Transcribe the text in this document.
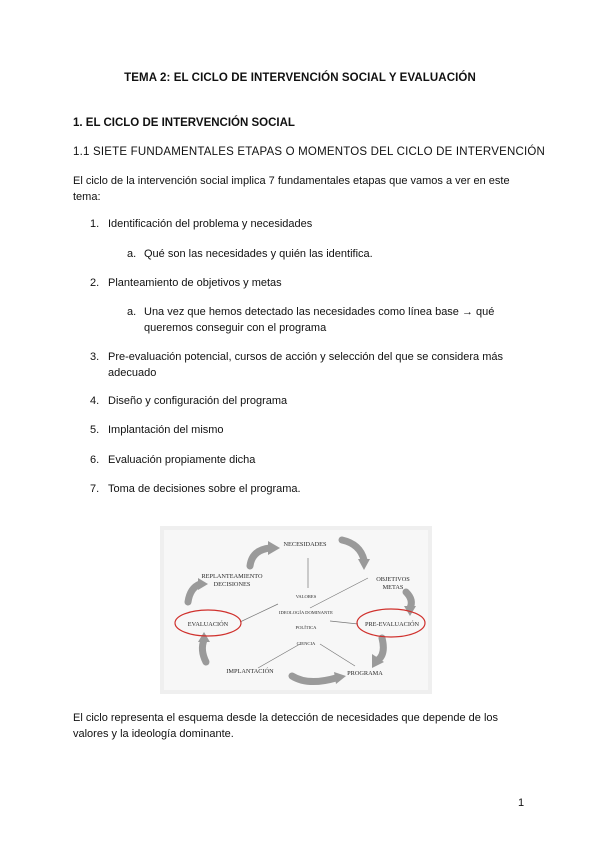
TEMA 2: EL CICLO DE INTERVENCIÓN SOCIAL Y EVALUACIÓN
1. EL CICLO DE INTERVENCIÓN SOCIAL
1.1 SIETE FUNDAMENTALES ETAPAS O MOMENTOS DEL CICLO DE INTERVENCIÓN
El ciclo de la intervención social implica 7 fundamentales etapas que vamos a ver en este tema:
1. Identificación del problema y necesidades
a. Qué son las necesidades y quién las identifica.
2. Planteamiento de objetivos y metas
a. Una vez que hemos detectado las necesidades como línea base → qué queremos conseguir con el programa
3. Pre-evaluación potencial, cursos de acción y selección del que se considera más adecuado
4. Diseño y configuración del programa
5. Implantación del mismo
6. Evaluación propiamente dicha
7. Toma de decisiones sobre el programa.
NECESIDADES
OBJETIVOS
METAS
REPLANTEAMIENTO
DECISIONES
EVALUACIÓN	PRE-EVALUACIÓN
IMPLANTACIÓN	PROGRAMA
VALORES
IDEOLOGÍA DOMINANTE
POLÍTICA
CIENCIA
El ciclo representa el esquema desde la detección de necesidades que depende de los valores y la ideología dominante.
1
